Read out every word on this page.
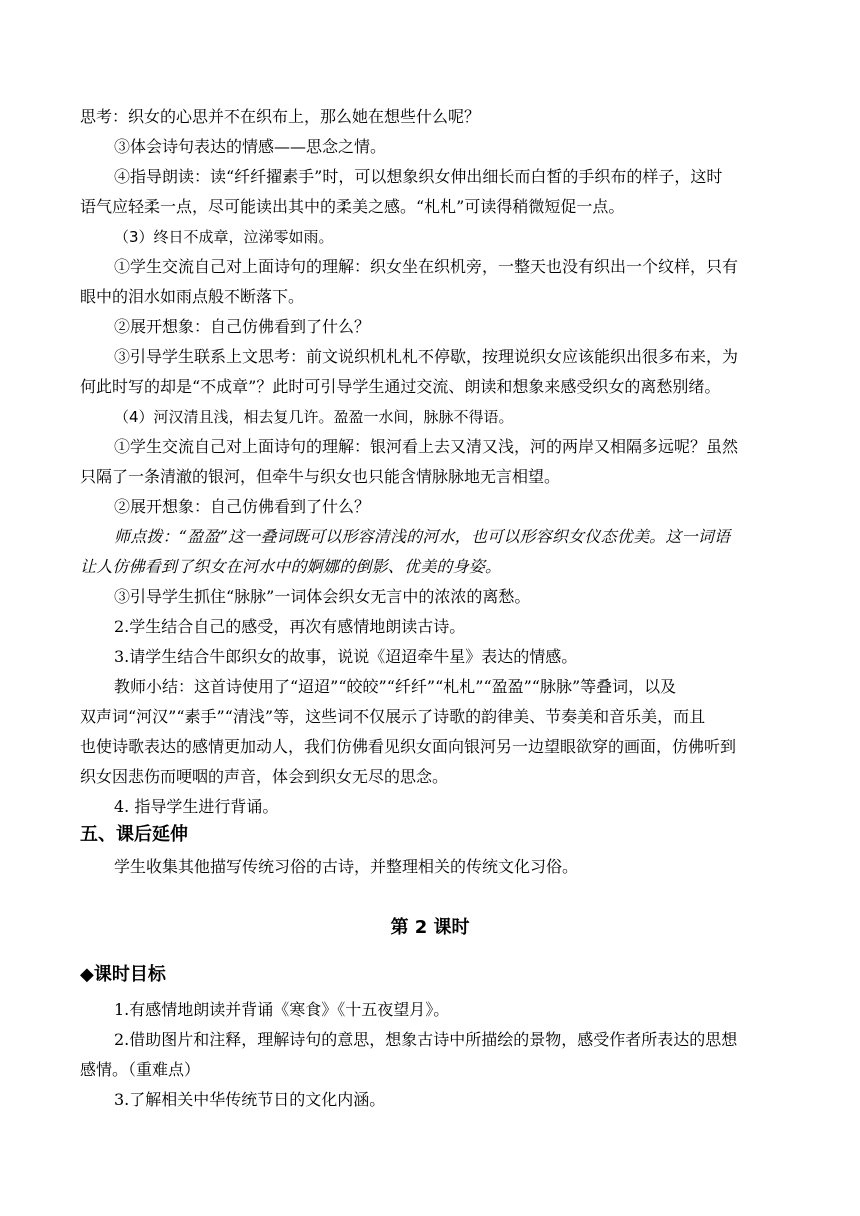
思考：织女的心思并不在织布上，那么她在想些什么呢？

③体会诗句表达的情感——思念之情。

④指导朗读：读“纤纤擢素手”时，可以想象织女伸出细长而白皙的手织布的样子，这时

语气应轻柔一点，尽可能读出其中的柔美之感。“札札”可读得稍微短促一点。

（3）终日不成章，泣涕零如雨。

①学生交流自己对上面诗句的理解：织女坐在织机旁，一整天也没有织出一个纹样，只有

眼中的泪水如雨点般不断落下。

②展开想象：自己仿佛看到了什么？

③引导学生联系上文思考：前文说织机札札不停歇，按理说织女应该能织出很多布来，为

何此时写的却是“不成章”？此时可引导学生通过交流、朗读和想象来感受织女的离愁别绪。

（4）河汉清且浅，相去复几许。盈盈一水间，脉脉不得语。

①学生交流自己对上面诗句的理解：银河看上去又清又浅，河的两岸又相隔多远呢？虽然

只隔了一条清澈的银河，但牵牛与织女也只能含情脉脉地无言相望。

②展开想象：自己仿佛看到了什么？

师点拨：“盈盈”这一叠词既可以形容清浅的河水，也可以形容织女仪态优美。这一词语

让人仿佛看到了织女在河水中的婀娜的倒影、优美的身姿。

③引导学生抓住“脉脉”一词体会织女无言中的浓浓的离愁。

2.学生结合自己的感受，再次有感情地朗读古诗。

3.请学生结合牛郎织女的故事，说说《迢迢牵牛星》表达的情感。

教师小结：这首诗使用了“迢迢”“皎皎”“纤纤”“札札”“盈盈”“脉脉”等叠词，以及

双声词“河汉”“素手”“清浅”等，这些词不仅展示了诗歌的韵律美、节奏美和音乐美，而且

也使诗歌表达的感情更加动人，我们仿佛看见织女面向银河另一边望眼欲穿的画面，仿佛听到

织女因悲伤而哽咽的声音，体会到织女无尽的思念。

4. 指导学生进行背诵。

五、课后延伸

学生收集其他描写传统习俗的古诗，并整理相关的传统文化习俗。

第 2 课时
◆课时目标

1.有感情地朗读并背诵《寒食》《十五夜望月》。

2.借助图片和注释，理解诗句的意思，想象古诗中所描绘的景物，感受作者所表达的思想

感情。（重难点）

3.了解相关中华传统节日的文化内涵。
